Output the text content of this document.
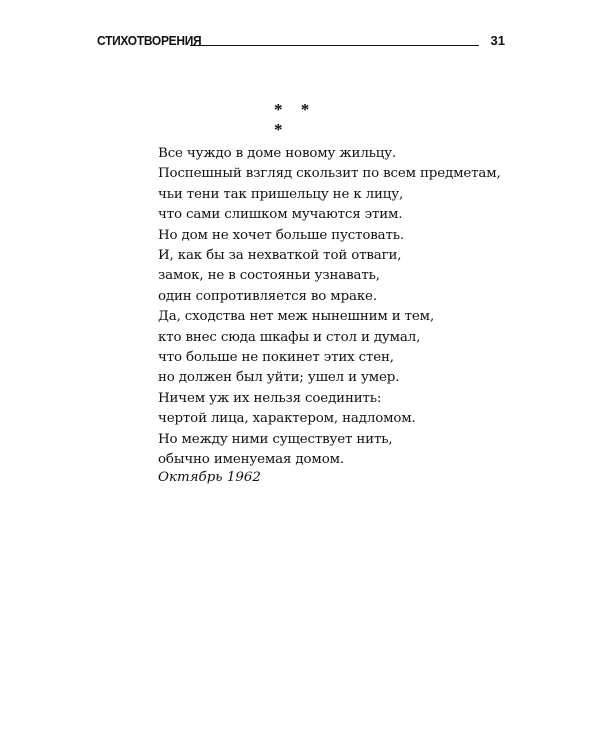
СТИХОТВОРЕНИЯ	31
* * *
Все чуждо в доме новому жильцу.
Поспешный взгляд скользит по всем предметам,
чьи тени так пришельцу не к лицу,
что сами слишком мучаются этим.
Но дом не хочет больше пустовать.
И, как бы за нехваткой той отваги,
замок, не в состояньи узнавать,
один сопротивляется во мраке.
Да, сходства нет меж нынешним и тем,
кто внес сюда шкафы и стол и думал,
что больше не покинет этих стен,
но должен был уйти; ушел и умер.
Ничем уж их нельзя соединить:
чертой лица, характером, надломом.
Но между ними существует нить,
обычно именуемая домом.
Октябрь 1962
